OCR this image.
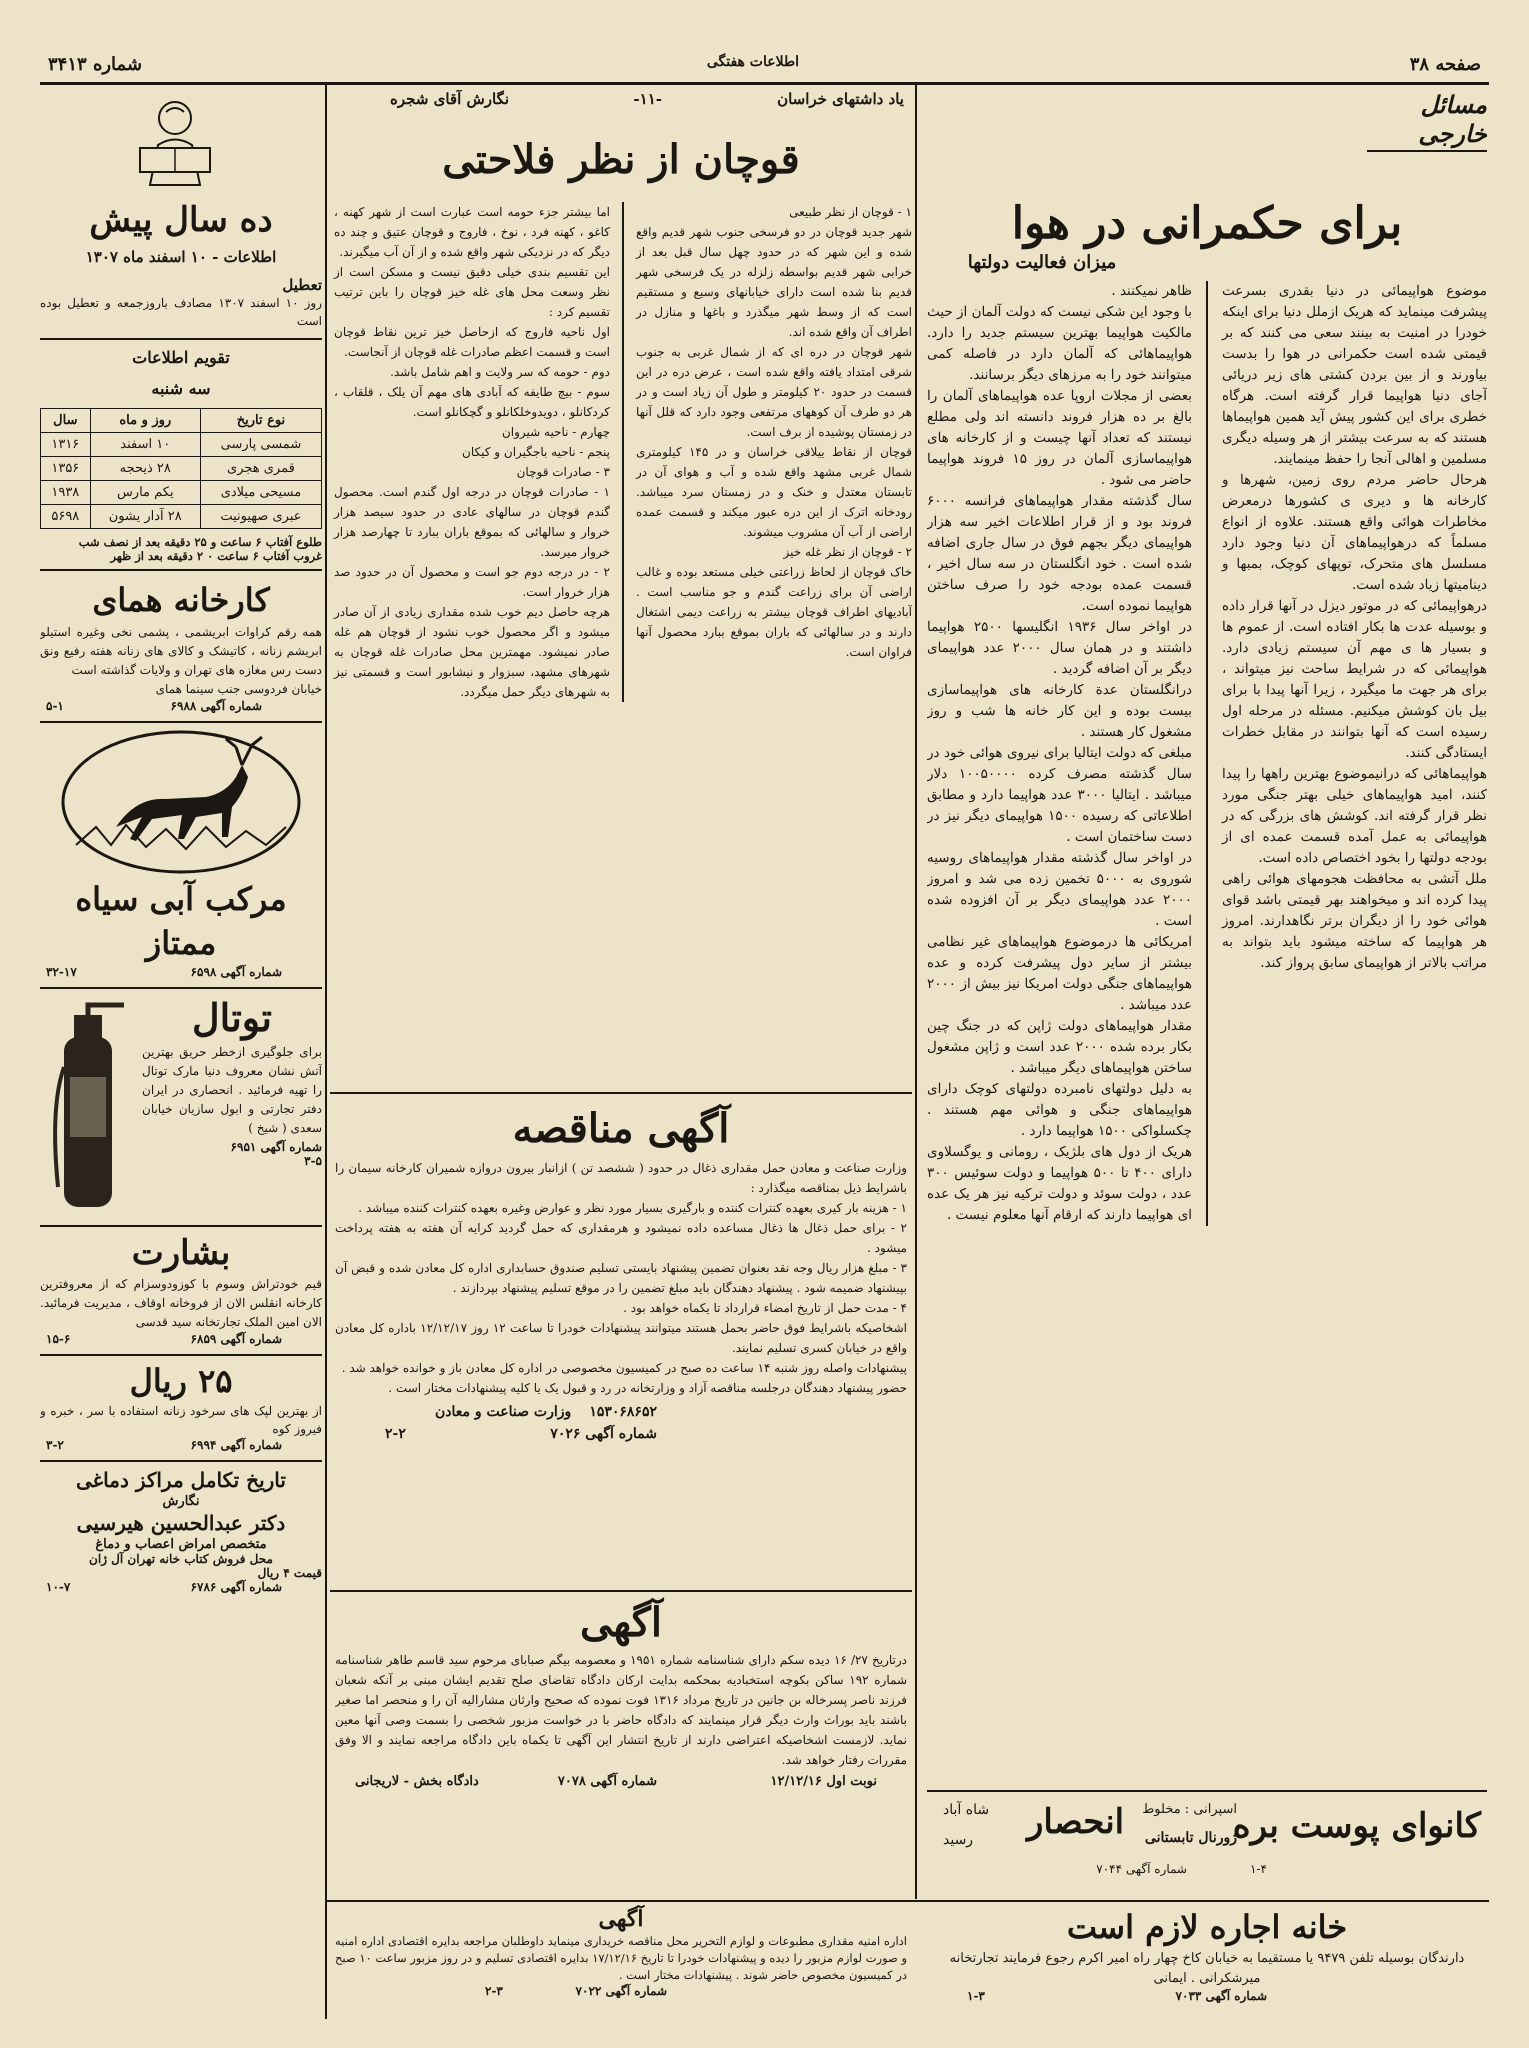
صفحه ۳۸
اطلاعات هفتگی
شماره ۳۴۱۳
مسائل خارجی
برای حکمرانی در هوا
میزان فعالیت دولتها
موضوع هواپیمائی در دنیا بقدری بسرعت پیشرفت مینماید که هریک ازملل دنیا برای اینکه خودرا در امنیت به بینند سعی می کنند که بر قیمتی شده است حکمرانی در هوا را بدست بیاورند و از بین بردن کشتی های زیر دریائی آجای دنیا هواپیما قرار گرفته است. هرگاه خطری برای این کشور پیش آید همین هواپیماها هستند که به سرعت بیشتر از هر وسیله دیگری مسلمین و اهالی آنجا را حفظ مینمایند.
هرحال حاضر مردم روی زمین، شهرها و کارخانه ها و دیری ی کشورها درمعرض مخاطرات هوائی واقع هستند. علاوه از انواع مسلماً که درهواپیماهای آن دنیا وجود دارد مسلسل های متحرک، توپهای کوچک، بمبها و دینامیتها زیاد شده است.
درهواپیمائی که در موتور دیزل در آنها قرار داده و بوسیله عدت ها بکار افتاده است. از عموم ها و بسیار ها ی مهم آن سیستم زیادی دارد. هواپیمائی که در شرایط ساحت نیز میتواند ، برای هر جهت ما میگیرد ، زیرا آنها پیدا با برای بیل بان کوشش میکنیم. مسئله در مرحله اول رسیده است که آنها بتوانند در مقابل خطرات ایستادگی کنند.
هواپیماهائی که درانیموضوع بهترین راهها را پیدا کنند، امید هواپیماهای خیلی بهتر جنگی مورد نظر قرار گرفته اند. کوشش های بزرگی که در هواپیمائی به عمل آمده قسمت عمده ای از بودجه دولتها را بخود اختصاص داده است.
ملل آتشی به محافظت هجومهای هوائی راهی پیدا کرده اند و میخواهند بهر قیمتی باشد قوای هوائی خود را از دیگران برتر نگاهدارند. امروز هر هواپیما که ساخته میشود باید بتواند به مراتب بالاتر از هواپیمای سابق پرواز کند.
ظاهر نمیکنند .
با وجود این شکی نیست که دولت آلمان از حیث مالکیت هواپیما بهترین سیستم جدید را دارد. هواپیماهائی که آلمان دارد در فاصله کمی میتوانند خود را به مرزهای دیگر برسانند.
بعضی از مجلات اروپا عده هواپیماهای آلمان را بالغ بر ده هزار فروند دانسته اند ولی مطلع نیستند که تعداد آنها چیست و از کارخانه های هواپیماسازی آلمان در روز ۱۵ فروند هواپیما حاضر می شود .
سال گذشته مقدار هواپیماهای فرانسه ۶۰۰۰ فروند بود و از قرار اطلاعات اخیر سه هزار هواپیمای دیگر بجهم فوق در سال جاری اضافه شده است . خود انگلستان در سه سال اخیر ، قسمت عمده بودجه خود را صرف ساختن هواپیما نموده است.
در اواخر سال ۱۹۳۶ انگلیسها ۲۵۰۰ هواپیما داشتند و در همان سال ۲۰۰۰ عدد هواپیمای دیگر بر آن اضافه گردید .
درانگلستان عدة کارخانه های هواپیماسازی بیست بوده و این کار خانه ها شب و روز مشغول کار هستند .
مبلغی که دولت ایتالیا برای نیروی هوائی خود در سال گذشته مصرف کرده ۱۰۰۵۰۰۰۰ دلار میباشد . ایتالیا ۳۰۰۰ عدد هواپیما دارد و مطابق اطلاعاتی که رسیده ۱۵۰۰ هواپیمای دیگر نیز در دست ساختمان است .
در اواخر سال گذشته مقدار هواپیماهای روسیه شوروی به ۵۰۰۰ تخمین زده می شد و امروز ۲۰۰۰ عدد هواپیمای دیگر بر آن افزوده شده است .
امریکائی ها درموضوع هواپیماهای غیر نظامی بیشتر از سایر دول پیشرفت کرده و عده هواپیماهای جنگی دولت امریکا نیز بیش از ۲۰۰۰ عدد میباشد .
مقدار هواپیماهای دولت ژاپن که در جنگ چین بکار برده شده ۲۰۰۰ عدد است و ژاپن مشغول ساختن هواپیماهای دیگر میباشد .
به دلیل دولتهای نامبرده دولتهای کوچک دارای هواپیماهای جنگی و هوائی مهم هستند . چکسلواکی ۱۵۰۰ هواپیما دارد .
هریک از دول های بلژیک ، رومانی و یوگسلاوی دارای ۴۰۰ تا ۵۰۰ هواپیما و دولت سوئیس ۳۰۰ عدد ، دولت سوئد و دولت ترکیه نیز هر یک عده ای هواپیما دارند که ارقام آنها معلوم نیست .
یاد داشتهای خراسان
-۱۱-
نگارش آقای شجره
قوچان از نظر فلاحتی
۱ - قوچان از نظر طبیعی
شهر جدید قوچان در دو فرسخی جنوب شهر قدیم واقع شده و این شهر که در حدود چهل سال قبل بعد از خرابی شهر قدیم بواسطه زلزله در یک فرسخی شهر قدیم بنا شده است دارای خیابانهای وسیع و مستقیم است که از وسط شهر میگذرد و باغها و منازل در اطراف آن واقع شده اند.
شهر قوچان در دره ای که از شمال غربی به جنوب شرقی امتداد یافته واقع شده است ، عرض دره در این قسمت در حدود ۲۰ کیلومتر و طول آن زیاد است و در هر دو طرف آن کوههای مرتفعی وجود دارد که قلل آنها در زمستان پوشیده از برف است.
قوچان از نقاط ییلاقی خراسان و در ۱۴۵ کیلومتری شمال غربی مشهد واقع شده و آب و هوای آن در تابستان معتدل و خنک و در زمستان سرد میباشد. رودخانه اترک از این دره عبور میکند و قسمت عمده اراضی از آب آن مشروب میشوند.
۲ - قوچان از نظر غله خیز
خاک قوچان از لحاظ زراعتی خیلی مستعد بوده و غالب اراضی آن برای زراعت گندم و جو مناسب است . آبادیهای اطراف قوچان بیشتر به زراعت دیمی اشتغال دارند و در سالهائی که باران بموقع ببارد محصول آنها فراوان است.
اما بیشتر جزء حومه است عبارت است از شهر کهنه ، کاغو ، کهنه فرد ، نوخ ، فاروج و قوچان عتیق و چند ده دیگر که در نزدیکی شهر واقع شده و از آن آب میگیرند.
این تقسیم بندی خیلی دقیق نیست و مسکن است از نظر وسعت محل های غله خیز قوچان را باین ترتیب تقسیم کرد :
اول ناحیه فاروج که ازحاصل خیز ترین نقاط قوچان است و قسمت اعظم صادرات غله قوچان از آنجاست.
دوم - حومه که سر ولایت و اهم شامل باشد.
سوم - بیچ طایفه که آبادی های مهم آن یلک ، قلقاب ، کردکانلو ، دویدوخلکانلو و گچکانلو است.
چهارم - ناحیه شیروان
پنجم - ناحیه باجگیران و کیکان
۳ - صادرات قوچان
۱ - صادرات قوچان در درجه اول گندم است. محصول گندم قوچان در سالهای عادی در حدود سیصد هزار خروار و سالهائی که بموقع باران ببارد تا چهارصد هزار خروار میرسد.
۲ - در درجه دوم جو است و محصول آن در حدود صد هزار خروار است.
هرچه حاصل دیم خوب شده مقداری زیادی از آن صادر میشود و اگر محصول خوب نشود از قوچان هم غله صادر نمیشود. مهمترین محل صادرات غله قوچان به شهرهای مشهد، سبزوار و نیشابور است و قسمتی نیز به شهرهای دیگر حمل میگردد.
آگهی مناقصه
وزارت صناعت و معادن حمل مقداری ذغال در حدود ( ششصد تن ) ازانبار بیرون دروازه شمیران کارخانه سیمان را باشرایط ذیل بمناقصه میگذارد :
۱ - هزینه بار کیری بعهده کنترات کننده و بارگیری بسیار مورد نظر و عوارض وغیره بعهده کنترات کننده میباشد .
۲ - برای حمل ذغال ها ذغال مساعده داده نمیشود و هرمقداری که حمل گردید کرایه آن هفته به هفته پرداخت میشود .
۳ - مبلغ هزار ریال وجه نقد بعنوان تضمین پیشنهاد بایستی تسلیم صندوق حسابداری اداره کل معادن شده و قبض آن بپیشنهاد ضمیمه شود . پیشنهاد دهندگان باید مبلغ تضمین را در موقع تسلیم پیشنهاد بپردازند .
۴ - مدت حمل از تاریخ امضاء قرارداد تا یکماه خواهد بود .
اشخاصیکه باشرایط فوق حاضر بحمل هستند میتوانند پیشنهادات خودرا تا ساعت ۱۲ روز ۱۲/۱۲/۱۷ باداره کل معادن واقع در خیابان کسری تسلیم نمایند.
پیشنهادات واصله روز شنبه ۱۴ ساعت ده صبح در کمیسیون مخصوصی در اداره کل معادن باز و خوانده خواهد شد .
حضور پیشنهاد دهندگان درجلسه مناقصه آزاد و وزارتخانه در رد و قبول یک یا کلیه پیشنهادات مختار است .
وزارت صناعت و معادن ۱۵۳۰۶۸۶۵۲
شماره آگهی ۷۰۲۶
۲-۲
آگهی
درتاریخ ۲۷/ ۱۶ دیده سکم دارای شناسنامه شماره ۱۹۵۱ و معصومه بیگم صبابای مرحوم سید قاسم طاهر شناسنامه شماره ۱۹۲ ساکن بکوچه استخبادیه بمحکمه بدایت ارکان دادگاه تقاضای صلح تقدیم ایشان مبنی بر آنکه شعبان فرزند ناصر پسرخاله بن جانین در تاریخ مرداد ۱۳۱۶ فوت نموده که صحیح وارثان مشارالیه آن را و منحصر اما صغیر باشند باید بوراث وارث دیگر قرار مینمایند که دادگاه حاضر با در خواست مزبور شخصی را بسمت وصی آنها معین نماید. لازمست اشخاصیکه اعتراضی دارند از تاریخ انتشار این آگهی تا یکماه باین دادگاه مراجعه نمایند و الا وفق مقررات رفتار خواهد شد.
نوبت اول ۱۲/۱۲/۱۶
شماره آگهی ۷۰۷۸
دادگاه بخش - لاریجانی
کانوای پوست بره
اسپرانی : مخلوط
ژورنال تابستانی
انحصار
شاه آباد
رسید
شماره آگهی ۷۰۴۴	۱-۴
آگهی
اداره امنیه مقداری مطبوعات و لوازم التحریر محل مناقصه خریداری مینماید داوطلبان مراجعه بدایره اقتصادی اداره امنیه و صورت لوازم مزبور را دیده و پیشنهادات خودرا تا تاریخ ۱۷/۱۲/۱۶ بدایره اقتصادی تسلیم و در روز مزبور ساعت ۱۰ صبح در کمیسیون مخصوص حاضر شوند . پیشنهادات مختار است .
شماره آگهی ۷۰۲۲
۲-۳
خانه اجاره لازم است
دارندگان بوسیله تلفن ۹۴۷۹ یا مستقیما به خیابان کاخ چهار راه امیر اکرم رجوع فرمایند تجارتخانه میرشکرانی . ایمانی
شماره آگهی ۷۰۳۳
۱-۳
ده سال پیش
اطلاعات - ۱۰ اسفند ماه ۱۳۰۷
تعطیل
روز ۱۰ اسفند ۱۳۰۷ مصادف باروزجمعه و تعطیل بوده است
تقویم اطلاعات
سه شنبه
نوع تاریخ	روز و ماه	سال
شمسی پارسی	۱۰ اسفند	۱۳۱۶
قمری هجری	۲۸ ذیحجه	۱۳۵۶
مسیحی میلادی	یکم مارس	۱۹۳۸
عبری صهیونیت	۲۸ آدار یشون	۵۶۹۸
طلوع آفتاب ۶ ساعت و ۲۵ دقیقه بعد از نصف شب
غروب آفتاب ۶ ساعت ۰ ۲ دقیقه بعد از ظهر
کارخانه همای
همه رقم کراوات ابریشمی ، پشمی نخی وغیره استیلو ابریشم زنانه ، کاتیشک و کالای های زنانه هفته رفیع ونق دست رس مغازه های تهران و ولایات گذاشته است
خیابان فردوسی جنب سینما همای
شماره آگهی ۶۹۸۸
۵-۱
مرکب آبی سیاه ممتاز
شماره آگهی ۶۵۹۸
۳۲-۱۷
توتال
برای جلوگیری ازخطر حریق بهترین آتش نشان معروف دنیا مارک توتال را تهیه فرمائید . انحصاری در ایران دفتر تجارتی و ابول سازیان خیابان سعدی ( شیخ )
شماره آگهی ۶۹۵۱
۳-۵
بشارت
قیم خودتراش وسوم با کوزودوسزام که از معروفترین کارخانه انقلس الان از فروخانه اوقاف ، مدیریت فرمائید. الان امین الملک تجارتخانه سید قدسی
شماره آگهی ۶۸۵۹
۱۵-۶
۲۵ ریال
از بهترین لپک های سرخود زنانه استفاده با سر ، خبره و فیروز کوه
شماره آگهی ۶۹۹۴
۳-۲
تاریخ تکامل مراکز دماغی
نگارش
دکتر عبدالحسین هیرسیی
متخصص امراض اعصاب و دماغ
محل فروش کتاب خانه تهران آل ژان
قیمت ۴ ریال
شماره آگهی ۶۷۸۶
۱۰-۷
